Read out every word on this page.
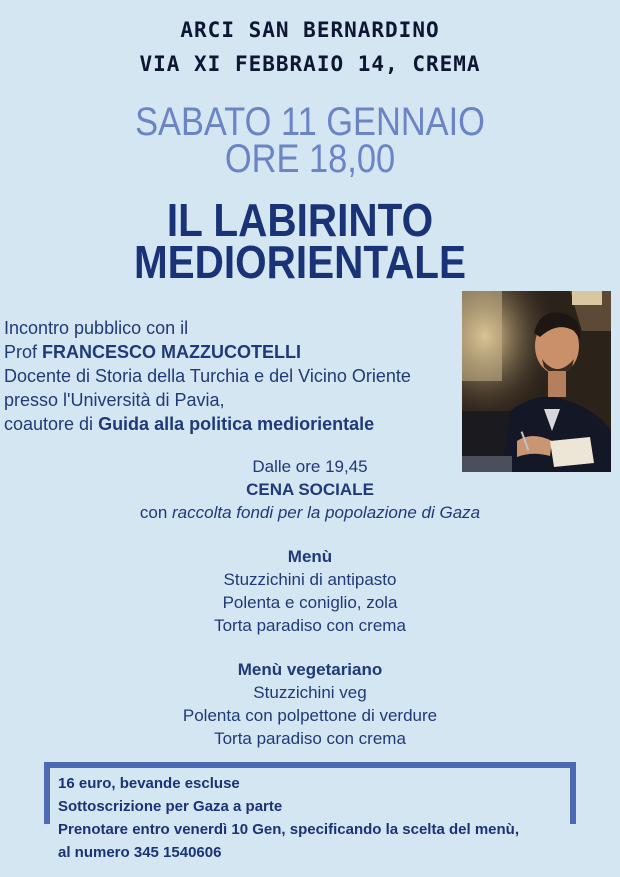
ARCI SAN BERNARDINO
VIA XI FEBBRAIO 14, CREMA
SABATO 11 GENNAIO
ORE 18,00
IL LABIRINTO
MEDIORIENTALE
Incontro pubblico con il
Prof FRANCESCO MAZZUCOTELLI
Docente di Storia della Turchia e del Vicino Oriente
presso l'Università di Pavia,
coautore di Guida alla politica mediorientale
Dalle ore 19,45
CENA SOCIALE
con raccolta fondi per la popolazione di Gaza
Menù
Stuzzichini di antipasto
Polenta e coniglio, zola
Torta paradiso con crema
Menù vegetariano
Stuzzichini veg
Polenta con polpettone di verdure
Torta paradiso con crema
16 euro, bevande escluse
Sottoscrizione per Gaza a parte
Prenotare entro venerdì 10 Gen, specificando la scelta del menù,
al numero 345 1540606
